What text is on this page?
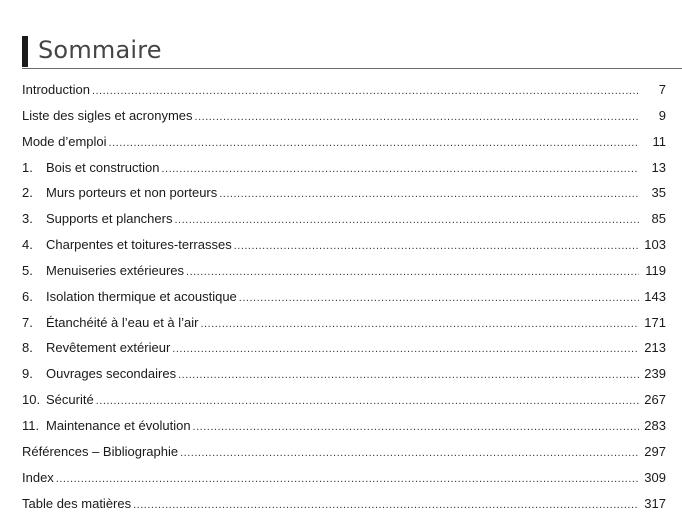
Sommaire
Introduction .....	7
Liste des sigles et acronymes .....	9
Mode d’emploi .....	11
1.	Bois et construction .....	13
2.	Murs porteurs et non porteurs .....	35
3.	Supports et planchers .....	85
4.	Charpentes et toitures-terrasses .....	103
5.	Menuiseries extérieures .....	119
6.	Isolation thermique et acoustique .....	143
7.	Étanchéité à l’eau et à l’air .....	171
8.	Revêtement extérieur .....	213
9.	Ouvrages secondaires .....	239
10. Sécurité .....	267
11. Maintenance et évolution .....	283
Références – Bibliographie .....	297
Index .....	309
Table des matières .....	317
